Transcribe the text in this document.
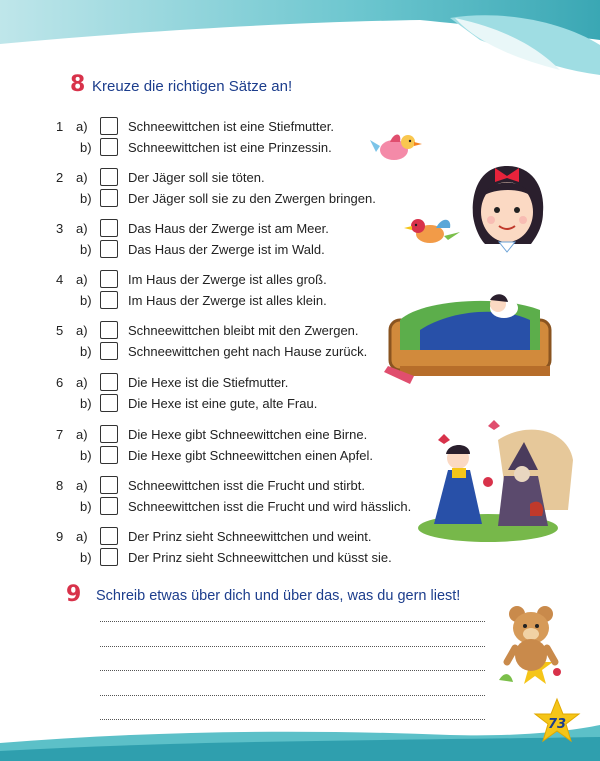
8 Kreuze die richtigen Sätze an!
1 a)	Schneewittchen ist eine Stiefmutter.
b)	Schneewittchen ist eine Prinzessin.
2 a)	Der Jäger soll sie töten.
b)	Der Jäger soll sie zu den Zwergen bringen.
3 a)	Das Haus der Zwerge ist am Meer.
b)	Das Haus der Zwerge ist im Wald.
4 a)	Im Haus der Zwerge ist alles groß.
b)	Im Haus der Zwerge ist alles klein.
5 a)	Schneewittchen bleibt mit den Zwergen.
b)	Schneewittchen geht nach Hause zurück.
6 a)	Die Hexe ist die Stiefmutter.
b)	Die Hexe ist eine gute, alte Frau.
7 a)	Die Hexe gibt Schneewittchen eine Birne.
b)	Die Hexe gibt Schneewittchen einen Apfel.
8 a)	Schneewittchen isst die Frucht und stirbt.
b)	Schneewittchen isst die Frucht und wird hässlich.
9 a)	Der Prinz sieht Schneewittchen und weint.
b)	Der Prinz sieht Schneewittchen und küsst sie.
9 Schreib etwas über dich und über das, was du gern liest!
73
